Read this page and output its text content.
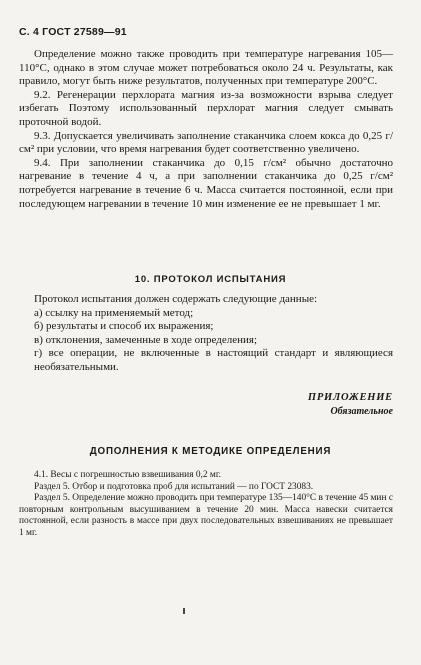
С. 4 ГОСТ 27589—91

Определение можно также проводить при температуре нагревания 105—110°С, однако в этом случае может потребоваться около 24 ч. Результаты, как правило, могут быть ниже результатов, полученных при температуре 200°С.

9.2. Регенерации перхлората магния из-за возможности взрыва следует избегать Поэтому использованный перхлорат магния следует смывать проточной водой.

9.3. Допускается увеличивать заполнение стаканчика слоем кокса до 0,25 г/см² при условии, что время нагревания будет соответственно увеличено.

9.4. При заполнении стаканчика до 0,15 г/см² обычно достаточно нагревание в течение 4 ч, а при заполнении стаканчика до 0,25 г/см² потребуется нагревание в течение 6 ч. Масса считается постоянной, если при последующем нагревании в течение 10 мин изменение ее не превышает 1 мг.

10. ПРОТОКОЛ ИСПЫТАНИЯ

Протокол испытания должен содержать следующие данные:

а) ссылку на применяемый метод;

б) результаты и способ их выражения;

в) отклонения, замеченные в ходе определения;

г) все операции, не включенные в настоящий стандарт и являющиеся необязательными.

ПРИЛОЖЕНИЕ
Обязательное
ДОПОЛНЕНИЯ К МЕТОДИКЕ ОПРЕДЕЛЕНИЯ

4.1. Весы с погрешностью взвешивания 0,2 мг.

Раздел 5. Отбор и подготовка проб для испытаний — по ГОСТ 23083.

Раздел 5. Определение можно проводить при температуре 135—140°С в течение 45 мин с повторным контрольным высушиванием в течение 20 мин. Масса навески считается постоянной, если разность в массе при двух последовательных взвешиваниях не превышает 1 мг.
